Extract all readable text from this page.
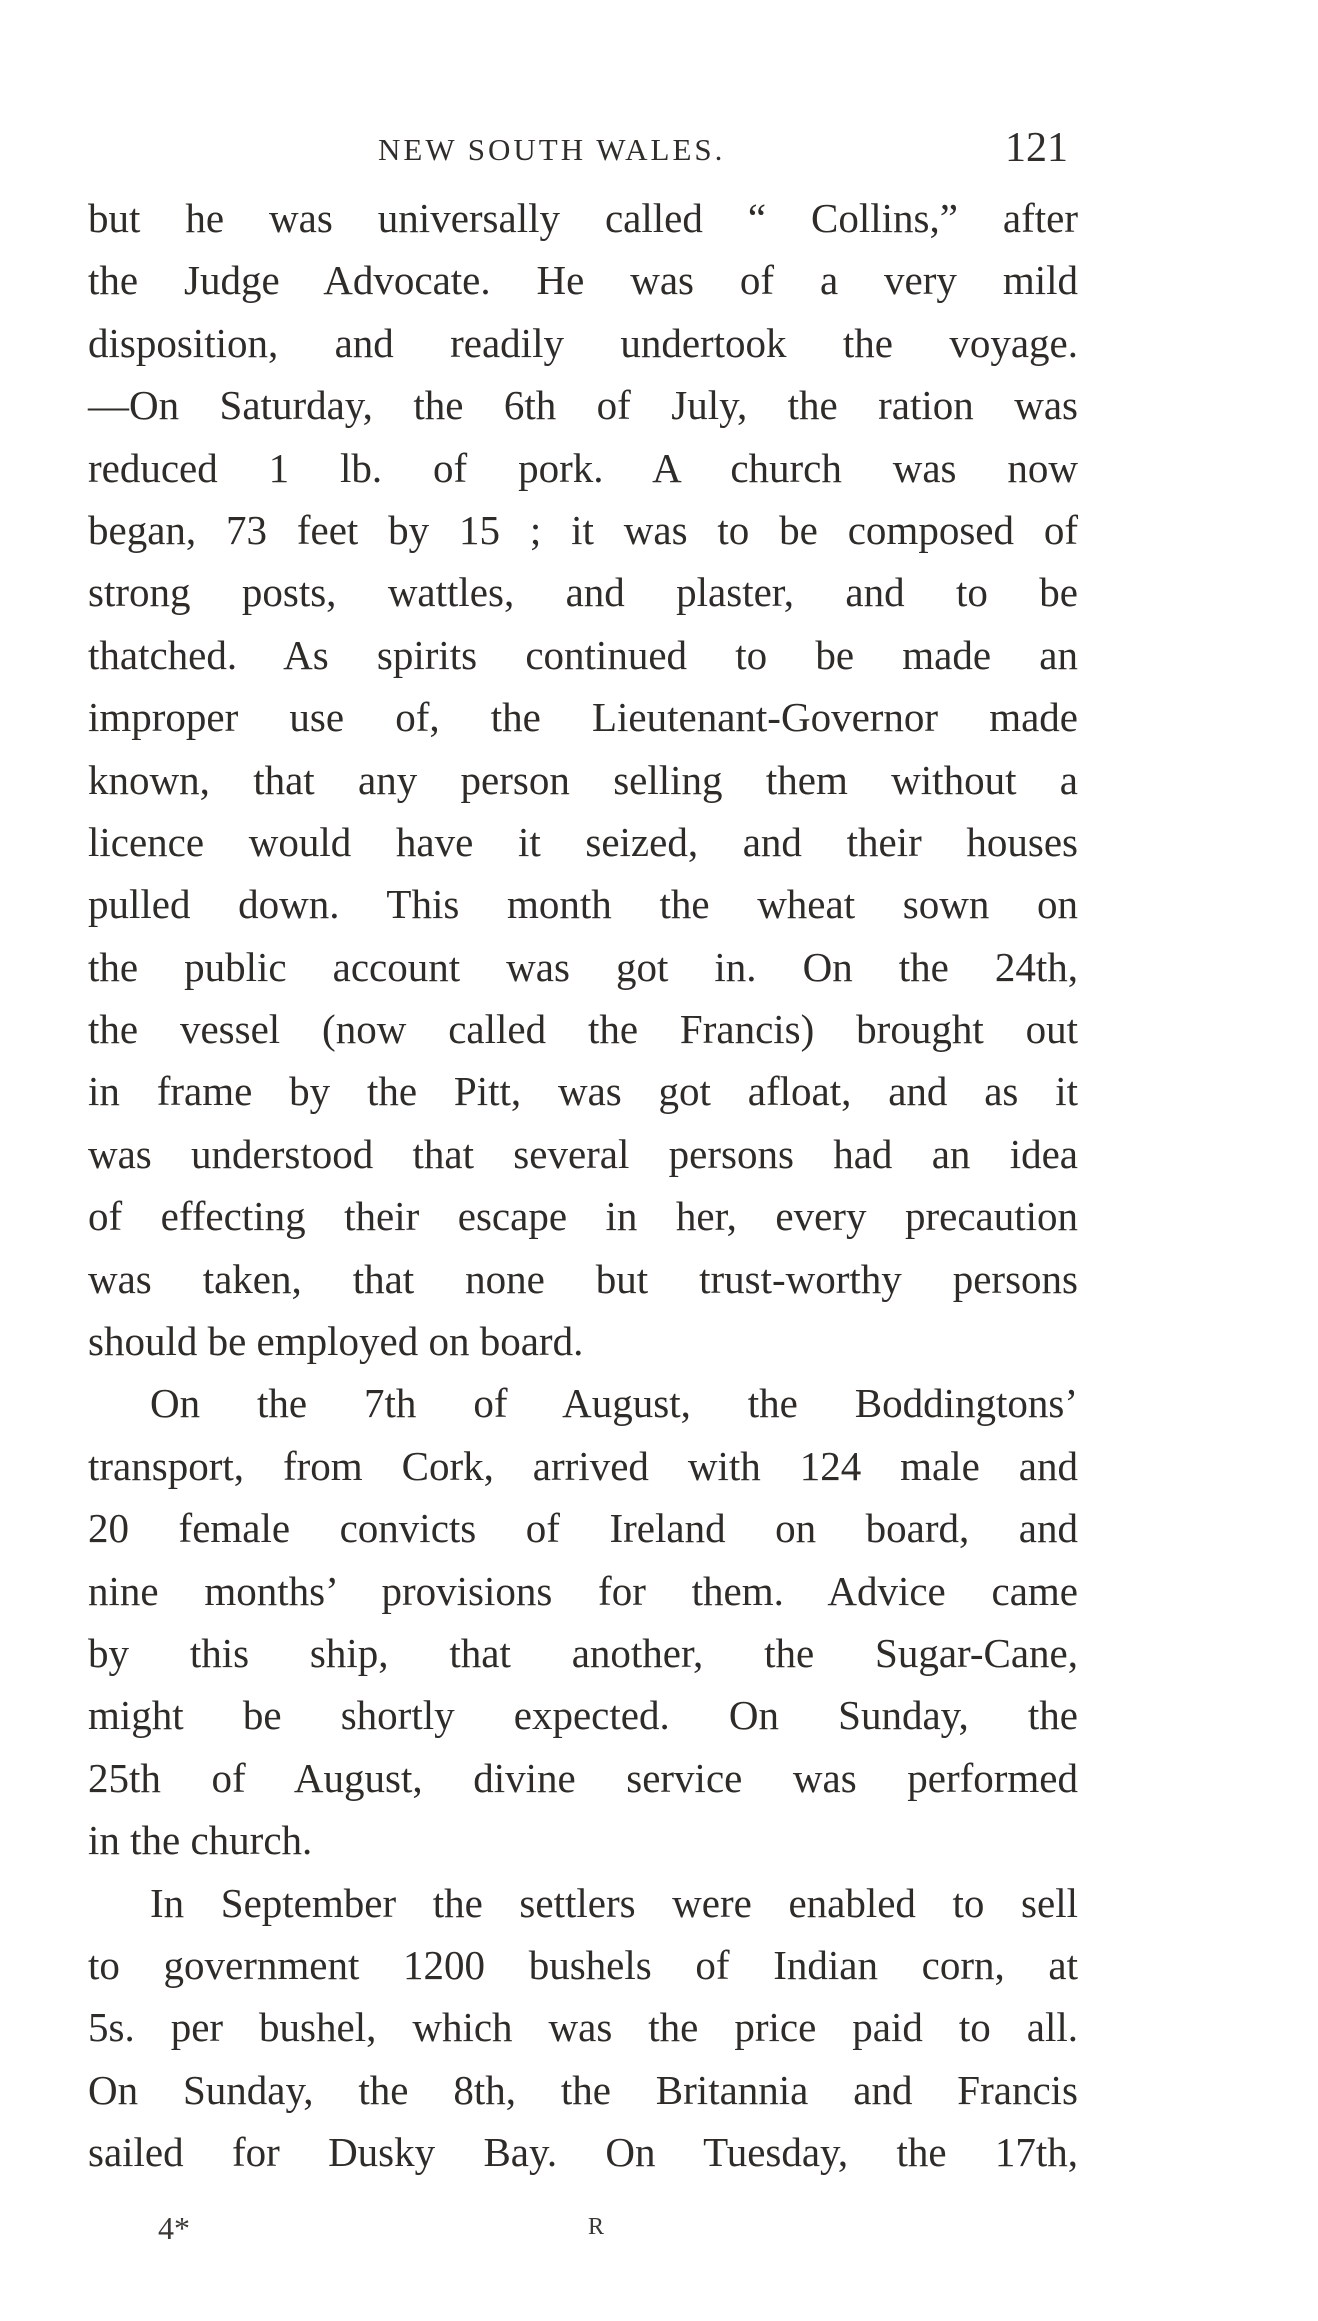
NEW SOUTH WALES.	121
but he was universally called “ Collins,” after
the Judge Advocate. He was of a very mild
disposition, and readily undertook the voyage.
—On Saturday, the 6th of July, the ration was
reduced 1 lb. of pork. A church was now
began, 73 feet by 15 ; it was to be composed of
strong posts, wattles, and plaster, and to be
thatched. As spirits continued to be made an
improper use of, the Lieutenant-Governor made
known, that any person selling them without a
licence would have it seized, and their houses
pulled down. This month the wheat sown on
the public account was got in. On the 24th,
the vessel (now called the Francis) brought out
in frame by the Pitt, was got afloat, and as it
was understood that several persons had an idea
of effecting their escape in her, every precaution
was taken, that none but trust-worthy persons
should be employed on board.
On the 7th of August, the Boddingtons’
transport, from Cork, arrived with 124 male and
20 female convicts of Ireland on board, and
nine months’ provisions for them. Advice came
by this ship, that another, the Sugar-Cane,
might be shortly expected. On Sunday, the
25th of August, divine service was performed
in the church.
In September the settlers were enabled to sell
to government 1200 bushels of Indian corn, at
5s. per bushel, which was the price paid to all.
On Sunday, the 8th, the Britannia and Francis
sailed for Dusky Bay. On Tuesday, the 17th,
4*	R
